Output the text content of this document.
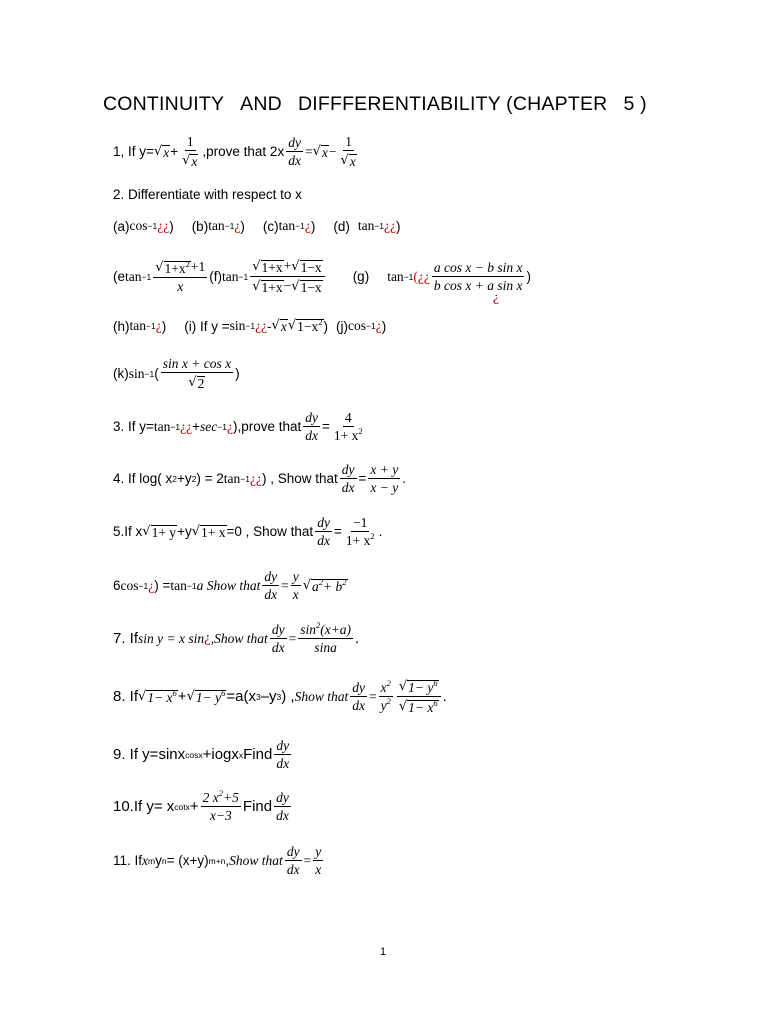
CONTINUITY AND DIFFFERENTIABILITY (CHAPTER 5 )
1, If y= √ $x + \frac{1}{√ x}$ ,prove that $2x \frac{dy}{dx}$ = √ $x - \frac{1}{√ x}$
2. Differentiate with respect to x
(a) cos −1 ¿¿ ) (b) tan −1 ¿ ) (c) tan −1 ¿ ) (d) tan −1 ¿¿ )
(e tan −1
√ $1+x^2 +1$
x
(f) tan −1
√ 1+x + √ 1−x
√ 1+x − √ 1−x
(g) tan −1 (¿¿
a cos x − b sin x
b cos x + a sin x
)
¿
(h) tan −1 ¿ ) (i) If y = sin −1 ¿¿ - √ x √ $1-x^2$ ) (j) cos −1 ¿ )
(k) sin −1 (
sin x + cos x
√ 2
)
3. If y= tan −1 ¿¿ + sec −1 ¿ ) ,prove that $\frac{dy}{dx} = \frac{4}{1+ x^2}$
4. If log( x 2 +y 2 ) = 2 tan −1 ¿¿ ) , Show that $\frac{dy}{dx} = \frac{x + y}{x - y}$ .
5.If x √ 1+ y +y √ 1+ x =0 , Show that $\frac{dy}{dx} = \frac{-1}{1+ x^2}$ .
6 cos −1 ¿ ) = tan −1 a Show that $\frac{dy}{dx} = \frac{y}{x}$ √ $a^2+ b^2$
7. If sin y = x sin ¿ ,Show that $\frac{dy}{dx} = \frac{\sin^2(x+a)}{\sin a}$ .
8. If √ $1- x^6$ + √ $1- y^6 =a(x$ 3 –y 3 ) , Show that $\frac{dy}{dx} = \frac{x^2}{y^2}$ √ $1- y^6$
√ $1- x^6$ .
9. If y=sinx cosx +iogx x Find
dy
dx
10.If y= x $\cot x + \frac{2 x^2+5}{x-3}$ Find
dy
dx
11. If x m y n = (x+y) m+n , Show that $\frac{dy}{dx} = \frac{y}{x}$
1
